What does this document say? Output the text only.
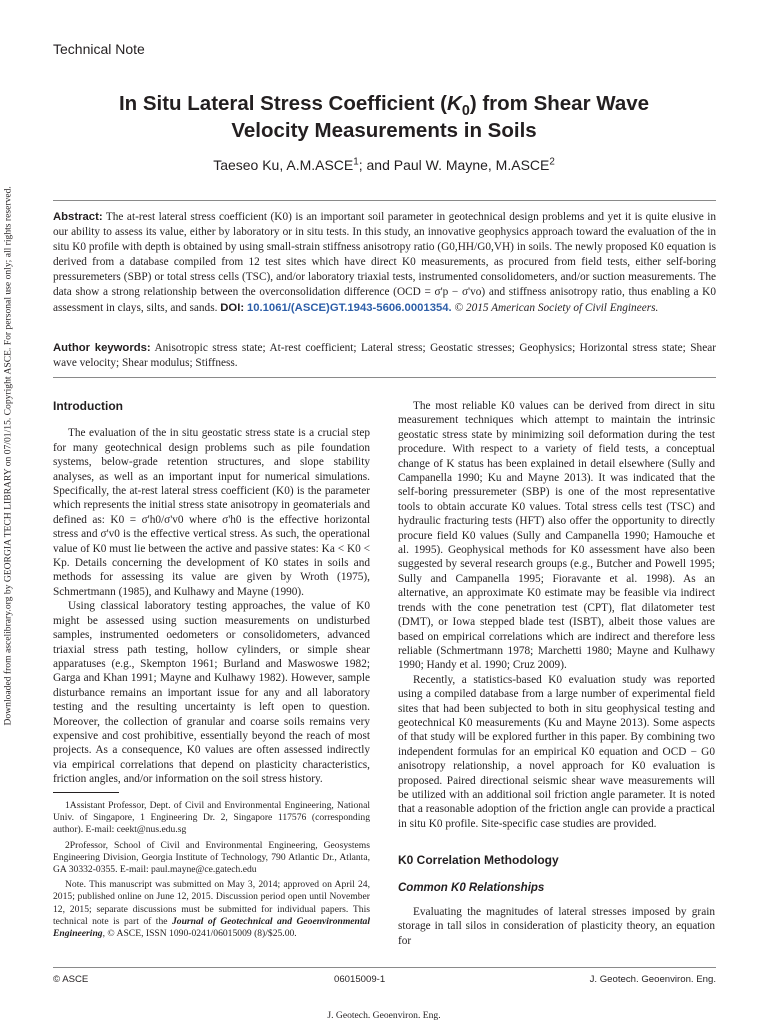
Downloaded from ascelibrary.org by GEORGIA TECH LIBRARY on 07/01/15. Copyright ASCE. For personal use only; all rights reserved.
Technical Note
In Situ Lateral Stress Coefficient $(K_0)$ from Shear Wave
Velocity Measurements in Soils
Taeseo Ku, A.M.ASCE$^1$; and Paul W. Mayne, M.ASCE$^2$
Abstract: The at-rest lateral stress coefficient (K0) is an important soil parameter in geotechnical design problems and yet it is quite elusive in our ability to assess its value, either by laboratory or in situ tests. In this study, an innovative geophysics approach toward the evaluation of the in situ K0 profile with depth is obtained by using small-strain stiffness anisotropy ratio (G0,HH/G0,VH) in soils. The newly proposed K0 equation is derived from a database compiled from 12 test sites which have direct K0 measurements, as procured from field tests, either self-boring pressuremeters (SBP) or total stress cells (TSC), and/or laboratory triaxial tests, instrumented consolidometers, and/or suction measurements. The data show a strong relationship between the overconsolidation difference (OCD = σ'p − σ'vo) and stiffness anisotropy ratio, thus enabling a K0 assessment in clays, silts, and sands. DOI: 10.1061/(ASCE)GT.1943-5606.0001354. © 2015 American Society of Civil Engineers.
Author keywords: Anisotropic stress state; At-rest coefficient; Lateral stress; Geostatic stresses; Geophysics; Horizontal stress state; Shear wave velocity; Shear modulus; Stiffness.
Introduction

The evaluation of the in situ geostatic stress state is a crucial step for many geotechnical design problems such as pile foundation systems, below-grade retention structures, and slope stability analyses, as well as an important input for numerical simulations. Specifically, the at-rest lateral stress coefficient (K0) is the parameter which represents the initial stress state anisotropy in geomaterials and defined as: K0 = σ'h0/σ'v0 where σ'h0 is the effective horizontal stress and σ'v0 is the effective vertical stress. As such, the operational value of K0 must lie between the active and passive states: Ka < K0 < Kp. Details concerning the development of K0 states in soils and methods for assessing its value are given by Wroth (1975), Schmertmann (1985), and Kulhawy and Mayne (1990).

Using classical laboratory testing approaches, the value of K0 might be assessed using suction measurements on undisturbed samples, instrumented oedometers or consolidometers, advanced triaxial stress path testing, hollow cylinders, or simple shear apparatuses (e.g., Skempton 1961; Burland and Maswoswe 1982; Garga and Khan 1991; Mayne and Kulhawy 1982). However, sample disturbance remains an important issue for any and all laboratory testing and the resulting uncertainty is left open to question. Moreover, the collection of granular and coarse soils remains very expensive and cost prohibitive, essentially beyond the reach of most projects. As a consequence, K0 values are often assessed indirectly via empirical correlations that depend on plasticity characteristics, friction angles, and/or information on the soil stress history.

1Assistant Professor, Dept. of Civil and Environmental Engineering, National Univ. of Singapore, 1 Engineering Dr. 2, Singapore 117576 (corresponding author). E-mail: ceekt@nus.edu.sg

2Professor, School of Civil and Environmental Engineering, Geosystems Engineering Division, Georgia Institute of Technology, 790 Atlantic Dr., Atlanta, GA 30332-0355. E-mail: paul.mayne@ce.gatech.edu

Note. This manuscript was submitted on May 3, 2014; approved on April 24, 2015; published online on June 12, 2015. Discussion period open until November 12, 2015; separate discussions must be submitted for individual papers. This technical note is part of the Journal of Geotechnical and Geoenvironmental Engineering, © ASCE, ISSN 1090-0241/06015009 (8)/$25.00.

The most reliable K0 values can be derived from direct in situ measurement techniques which attempt to maintain the intrinsic geostatic stress state by minimizing soil deformation during the test procedure. With respect to a variety of field tests, a conceptual change of K status has been explained in detail elsewhere (Sully and Campanella 1990; Ku and Mayne 2013). It was indicated that the self-boring pressuremeter (SBP) is one of the most representative tools to obtain accurate K0 values. Total stress cells test (TSC) and hydraulic fracturing tests (HFT) also offer the opportunity to directly procure field K0 values (Sully and Campanella 1990; Hamouche et al. 1995). Geophysical methods for K0 assessment have also been suggested by several research groups (e.g., Butcher and Powell 1995; Sully and Campanella 1995; Fioravante et al. 1998). As an alternative, an approximate K0 estimate may be feasible via indirect trends with the cone penetration test (CPT), flat dilatometer test (DMT), or Iowa stepped blade test (ISBT), albeit those values are based on empirical correlations which are indirect and therefore less reliable (Schmertmann 1978; Marchetti 1980; Mayne and Kulhawy 1990; Handy et al. 1990; Cruz 2009).

Recently, a statistics-based K0 evaluation study was reported using a compiled database from a large number of experimental field sites that had been subjected to both in situ geophysical testing and geotechnical K0 measurements (Ku and Mayne 2013). Some aspects of that study will be explored further in this paper. By combining two independent formulas for an empirical K0 equation and OCD − G0 anisotropy relationship, a novel approach for K0 evaluation is proposed. Paired directional seismic shear wave measurements will be utilized with an additional soil friction angle parameter. It is noted that a reasonable adoption of the friction angle can provide a practical in situ K0 profile. Site-specific case studies are provided.

K0 Correlation Methodology
Common K0 Relationships

Evaluating the magnitudes of lateral stresses imposed by grain storage in tall silos in consideration of plasticity theory, an equation for

© ASCE	06015009-1	J. Geotech. Geoenviron. Eng.
J. Geotech. Geoenviron. Eng.
